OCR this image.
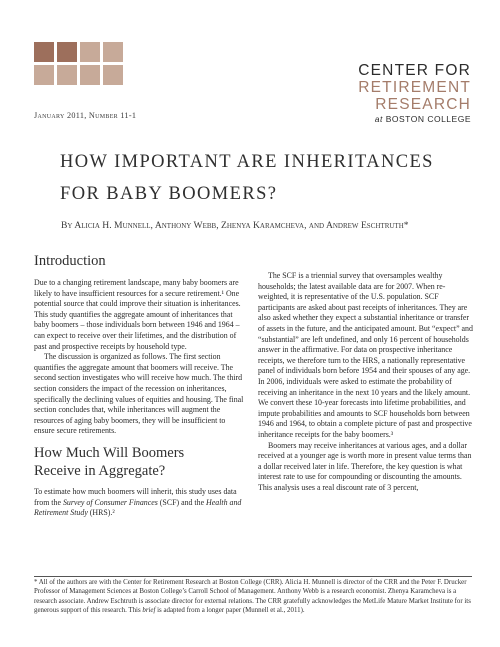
CENTER FOR
RETIREMENT
RESEARCH
at BOSTON COLLEGE
January 2011, Number 11-1
HOW IMPORTANT ARE INHERITANCES
FOR BABY BOOMERS?
By Alicia H. Munnell, Anthony Webb, Zhenya Karamcheva, and Andrew Eschtruth*
Introduction

Due to a changing retirement landscape, many baby boomers are likely to have insufficient resources for a secure retirement.¹ One potential source that could improve their situation is inheritances. This study quantifies the aggregate amount of inheritances that baby boomers – those individuals born between 1946 and 1964 – can expect to receive over their lifetimes, and the distribution of past and prospective receipts by household type.

The discussion is organized as follows. The first section quantifies the aggregate amount that boomers will receive. The second section investigates who will receive how much. The third section considers the impact of the recession on inheritances, specifically the declining values of equities and housing. The final section concludes that, while inheritances will augment the resources of aging baby boomers, they will be insufficient to ensure secure retirements.

How Much Will Boomers
Receive in Aggregate?

To estimate how much boomers will inherit, this study uses data from the Survey of Consumer Finances (SCF) and the Health and Retirement Study (HRS).²

The SCF is a triennial survey that oversamples wealthy households; the latest available data are for 2007. When re-weighted, it is representative of the U.S. population. SCF participants are asked about past receipts of inheritances. They are also asked whether they expect a substantial inheritance or transfer of assets in the future, and the anticipated amount. But “expect” and “substantial” are left undefined, and only 16 percent of households answer in the affirmative. For data on prospective inheritance receipts, we therefore turn to the HRS, a nationally representative panel of individuals born before 1954 and their spouses of any age. In 2006, individuals were asked to estimate the probability of receiving an inheritance in the next 10 years and the likely amount. We convert these 10-year forecasts into lifetime probabilities, and impute probabilities and amounts to SCF households born between 1946 and 1964, to obtain a complete picture of past and prospective inheritance receipts for the baby boomers.³

Boomers may receive inheritances at various ages, and a dollar received at a younger age is worth more in present value terms than a dollar received later in life. Therefore, the key question is what interest rate to use for compounding or discounting the amounts. This analysis uses a real discount rate of 3 percent,

* All of the authors are with the Center for Retirement Research at Boston College (CRR). Alicia H. Munnell is director of the CRR and the Peter F. Drucker Professor of Management Sciences at Boston College’s Carroll School of Management. Anthony Webb is a research economist. Zhenya Karamcheva is a research associate. Andrew Eschtruth is associate director for external relations. The CRR gratefully acknowledges the MetLife Mature Market Institute for its generous support of this research. This brief is adapted from a longer paper (Munnell et al., 2011).
